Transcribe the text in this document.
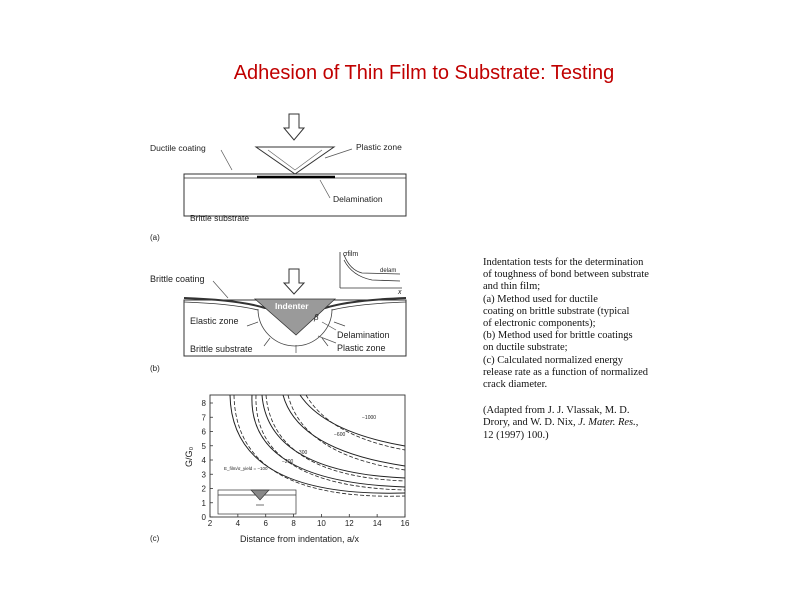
Adhesion of Thin Film to Substrate: Testing
Ductile coating	Plastic zone
Delamination
Brittle substrate
(a)
σfilm
delam
x
Brittle coating
Indenter
β
Elastic zone
Delamination
Plastic zone
Brittle substrate
(b)
−1000
−600
−300
−200
E_film/σ_yield = −100
G/G₀
Distance from indentation, a/x
(c)
2	4	6	8	10 12 14 16
0
1
2
3
4
5
6
7
8

Indentation tests for the determination

of toughness of bond between substrate

and thin film;

(a) Method used for ductile

coating on brittle substrate (typical

of electronic components);

(b) Method used for brittle coatings

on ductile substrate;

(c) Calculated normalized energy

release rate as a function of normalized

crack diameter.

(Adapted from J. J. Vlassak, M. D.

Drory, and W. D. Nix, J. Mater. Res.,

12 (1997) 100.)
